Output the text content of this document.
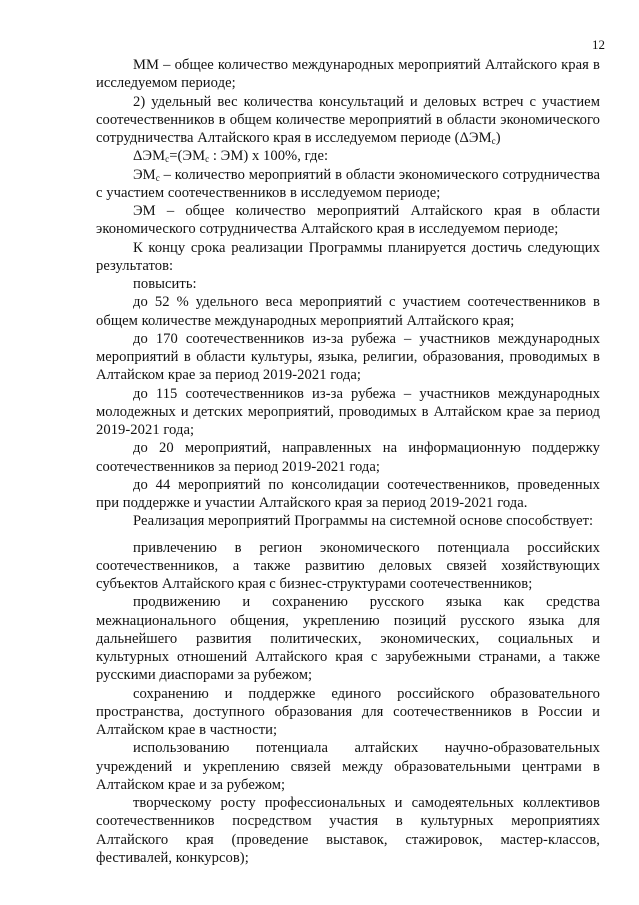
12

ММ – общее количество международных мероприятий Алтайского края в исследуемом периоде;

2) удельный вес количества консультаций и деловых встреч с участием соотечественников в общем количестве мероприятий в области экономического сотрудничества Алтайского края в исследуемом периоде $(\Delta ЭМ_c)$

$\Delta ЭМ_c=(ЭМ_c$ : ЭМ) х 100%, где:

$ЭМ_c$ – количество мероприятий в области экономического сотрудничества с участием соотечественников в исследуемом периоде;

ЭМ – общее количество мероприятий Алтайского края в области экономического сотрудничества Алтайского края в исследуемом периоде;

К концу срока реализации Программы планируется достичь следующих результатов:

повысить:

до 52 % удельного веса мероприятий с участием соотечественников в общем количестве международных мероприятий Алтайского края;

до 170 соотечественников из-за рубежа – участников международных мероприятий в области культуры, языка, религии, образования, проводимых в Алтайском крае за период 2019-2021 года;

до 115 соотечественников из-за рубежа – участников международных молодежных и детских мероприятий, проводимых в Алтайском крае за период 2019-2021 года;

до 20 мероприятий, направленных на информационную поддержку соотечественников за период 2019-2021 года;

до 44 мероприятий по консолидации соотечественников, проведенных при поддержке и участии Алтайского края за период 2019-2021 года.

Реализация мероприятий Программы на системной основе способствует:

привлечению в регион экономического потенциала российских соотечественников, а также развитию деловых связей хозяйствующих субъектов Алтайского края с бизнес-структурами соотечественников;

продвижению и сохранению русского языка как средства межнационального общения, укреплению позиций русского языка для дальнейшего развития политических, экономических, социальных и культурных отношений Алтайского края с зарубежными странами, а также русскими диаспорами за рубежом;

сохранению и поддержке единого российского образовательного пространства, доступного образования для соотечественников в России и Алтайском крае в частности;

использованию потенциала алтайских научно-образовательных учреждений и укреплению связей между образовательными центрами в Алтайском крае и за рубежом;

творческому росту профессиональных и самодеятельных коллективов соотечественников посредством участия в культурных мероприятиях Алтайского края (проведение выставок, стажировок, мастер-классов, фестивалей, конкурсов);
